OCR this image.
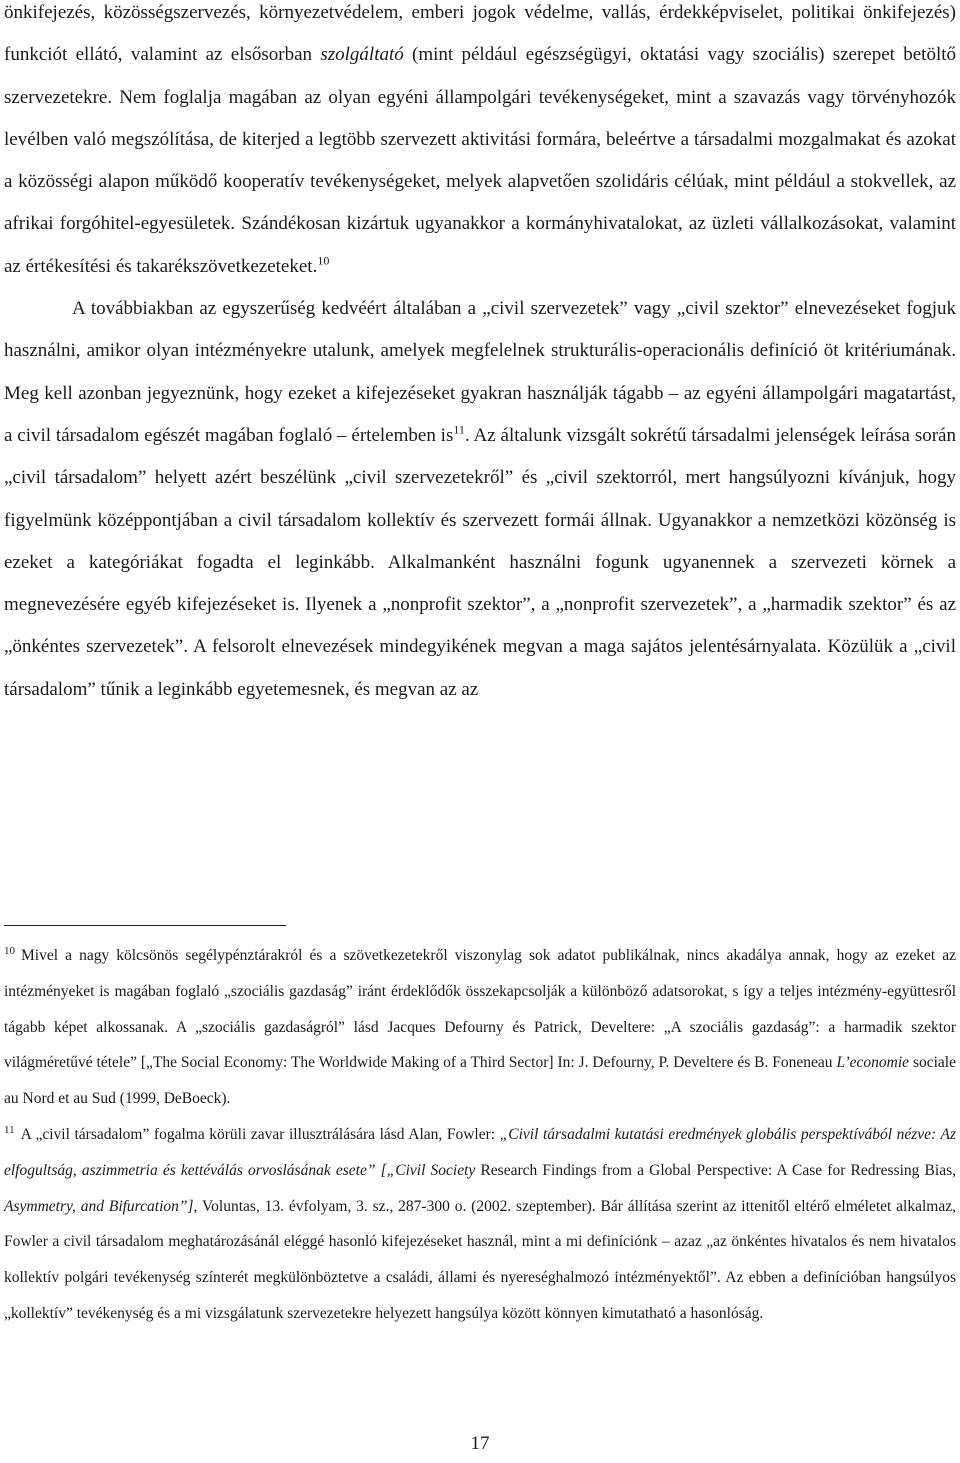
önkifejezés, közösségszervezés, környezetvédelem, emberi jogok védelme, vallás, érdekképviselet, politikai önkifejezés) funkciót ellátó, valamint az elsősorban szolgáltató (mint például egészségügyi, oktatási vagy szociális) szerepet betöltő szervezetekre. Nem foglalja magában az olyan egyéni állampolgári tevékenységeket, mint a szavazás vagy törvényhozók levélben való megszólítása, de kiterjed a legtöbb szervezett aktivitási formára, beleértve a társadalmi mozgalmakat és azokat a közösségi alapon működő kooperatív tevékenységeket, melyek alapvetően szolidáris célúak, mint például a stokvellek, az afrikai forgóhitel-egyesületek. Szándékosan kizártuk ugyanakkor a kormányhivatalokat, az üzleti vállalkozásokat, valamint az értékesítési és takarékszövetkezeteket.$^{10}$

A továbbiakban az egyszerűség kedvéért általában a „civil szervezetek” vagy „civil szektor” elnevezéseket fogjuk használni, amikor olyan intézményekre utalunk, amelyek megfelelnek strukturális-operacionális definíció öt kritériumának. Meg kell azonban jegyeznünk, hogy ezeket a kifejezéseket gyakran használják tágabb – az egyéni állampolgári magatartást, a civil társadalom egészét magában foglaló – értelemben $is^{11}$. Az általunk vizsgált sokrétű társadalmi jelenségek leírása során „civil társadalom” helyett azért beszélünk „civil szervezetekről” és „civil szektorról, mert hangsúlyozni kívánjuk, hogy figyelmünk középpontjában a civil társadalom kollektív és szervezett formái állnak. Ugyanakkor a nemzetközi közönség is ezeket a kategóriákat fogadta el leginkább. Alkalmanként használni fogunk ugyanennek a szervezeti körnek a megnevezésére egyéb kifejezéseket is. Ilyenek a „nonprofit szektor”, a „nonprofit szervezetek”, a „harmadik szektor” és az „önkéntes szervezetek”. A felsorolt elnevezések mindegyikének megvan a maga sajátos jelentésárnyalata. Közülük a „civil társadalom” tűnik a leginkább egyetemesnek, és megvan az az

$^{10}$ Mivel a nagy kölcsönös segélypénztárakról és a szövetkezetekről viszonylag sok adatot publikálnak, nincs akadálya annak, hogy az ezeket az intézményeket is magában foglaló „szociális gazdaság” iránt érdeklődők összekapcsolják a különböző adatsorokat, s így a teljes intézmény-együttesről tágabb képet alkossanak. A „szociális gazdaságról” lásd Jacques Defourny és Patrick, Develtere: „A szociális gazdaság”: a harmadik szektor világméretűvé tétele” [„The Social Economy: The Worldwide Making of a Third Sector] In: J. Defourny, P. Develtere és B. Foneneau L’economie sociale au Nord et au Sud (1999, DeBoeck).

$^{11}$ A „civil társadalom” fogalma körüli zavar illusztrálására lásd Alan, Fowler: „Civil társadalmi kutatási eredmények globális perspektívából nézve: Az elfogultság, aszimmetria és kettéválás orvoslásának esete” [„Civil Society Research Findings from a Global Perspective: A Case for Redressing Bias, Asymmetry, and Bifurcation”], Voluntas, 13. évfolyam, 3. sz., 287-300 o. (2002. szeptember). Bár állítása szerint az ittenitől eltérő elméletet alkalmaz, Fowler a civil társadalom meghatározásánál eléggé hasonló kifejezéseket használ, mint a mi definíciónk – azaz „az önkéntes hivatalos és nem hivatalos kollektív polgári tevékenység színterét megkülönböztetve a családi, állami és nyereséghalmozó intézményektől”. Az ebben a definícióban hangsúlyos „kollektív” tevékenység és a mi vizsgálatunk szervezetekre helyezett hangsúlya között könnyen kimutatható a hasonlóság.

17
